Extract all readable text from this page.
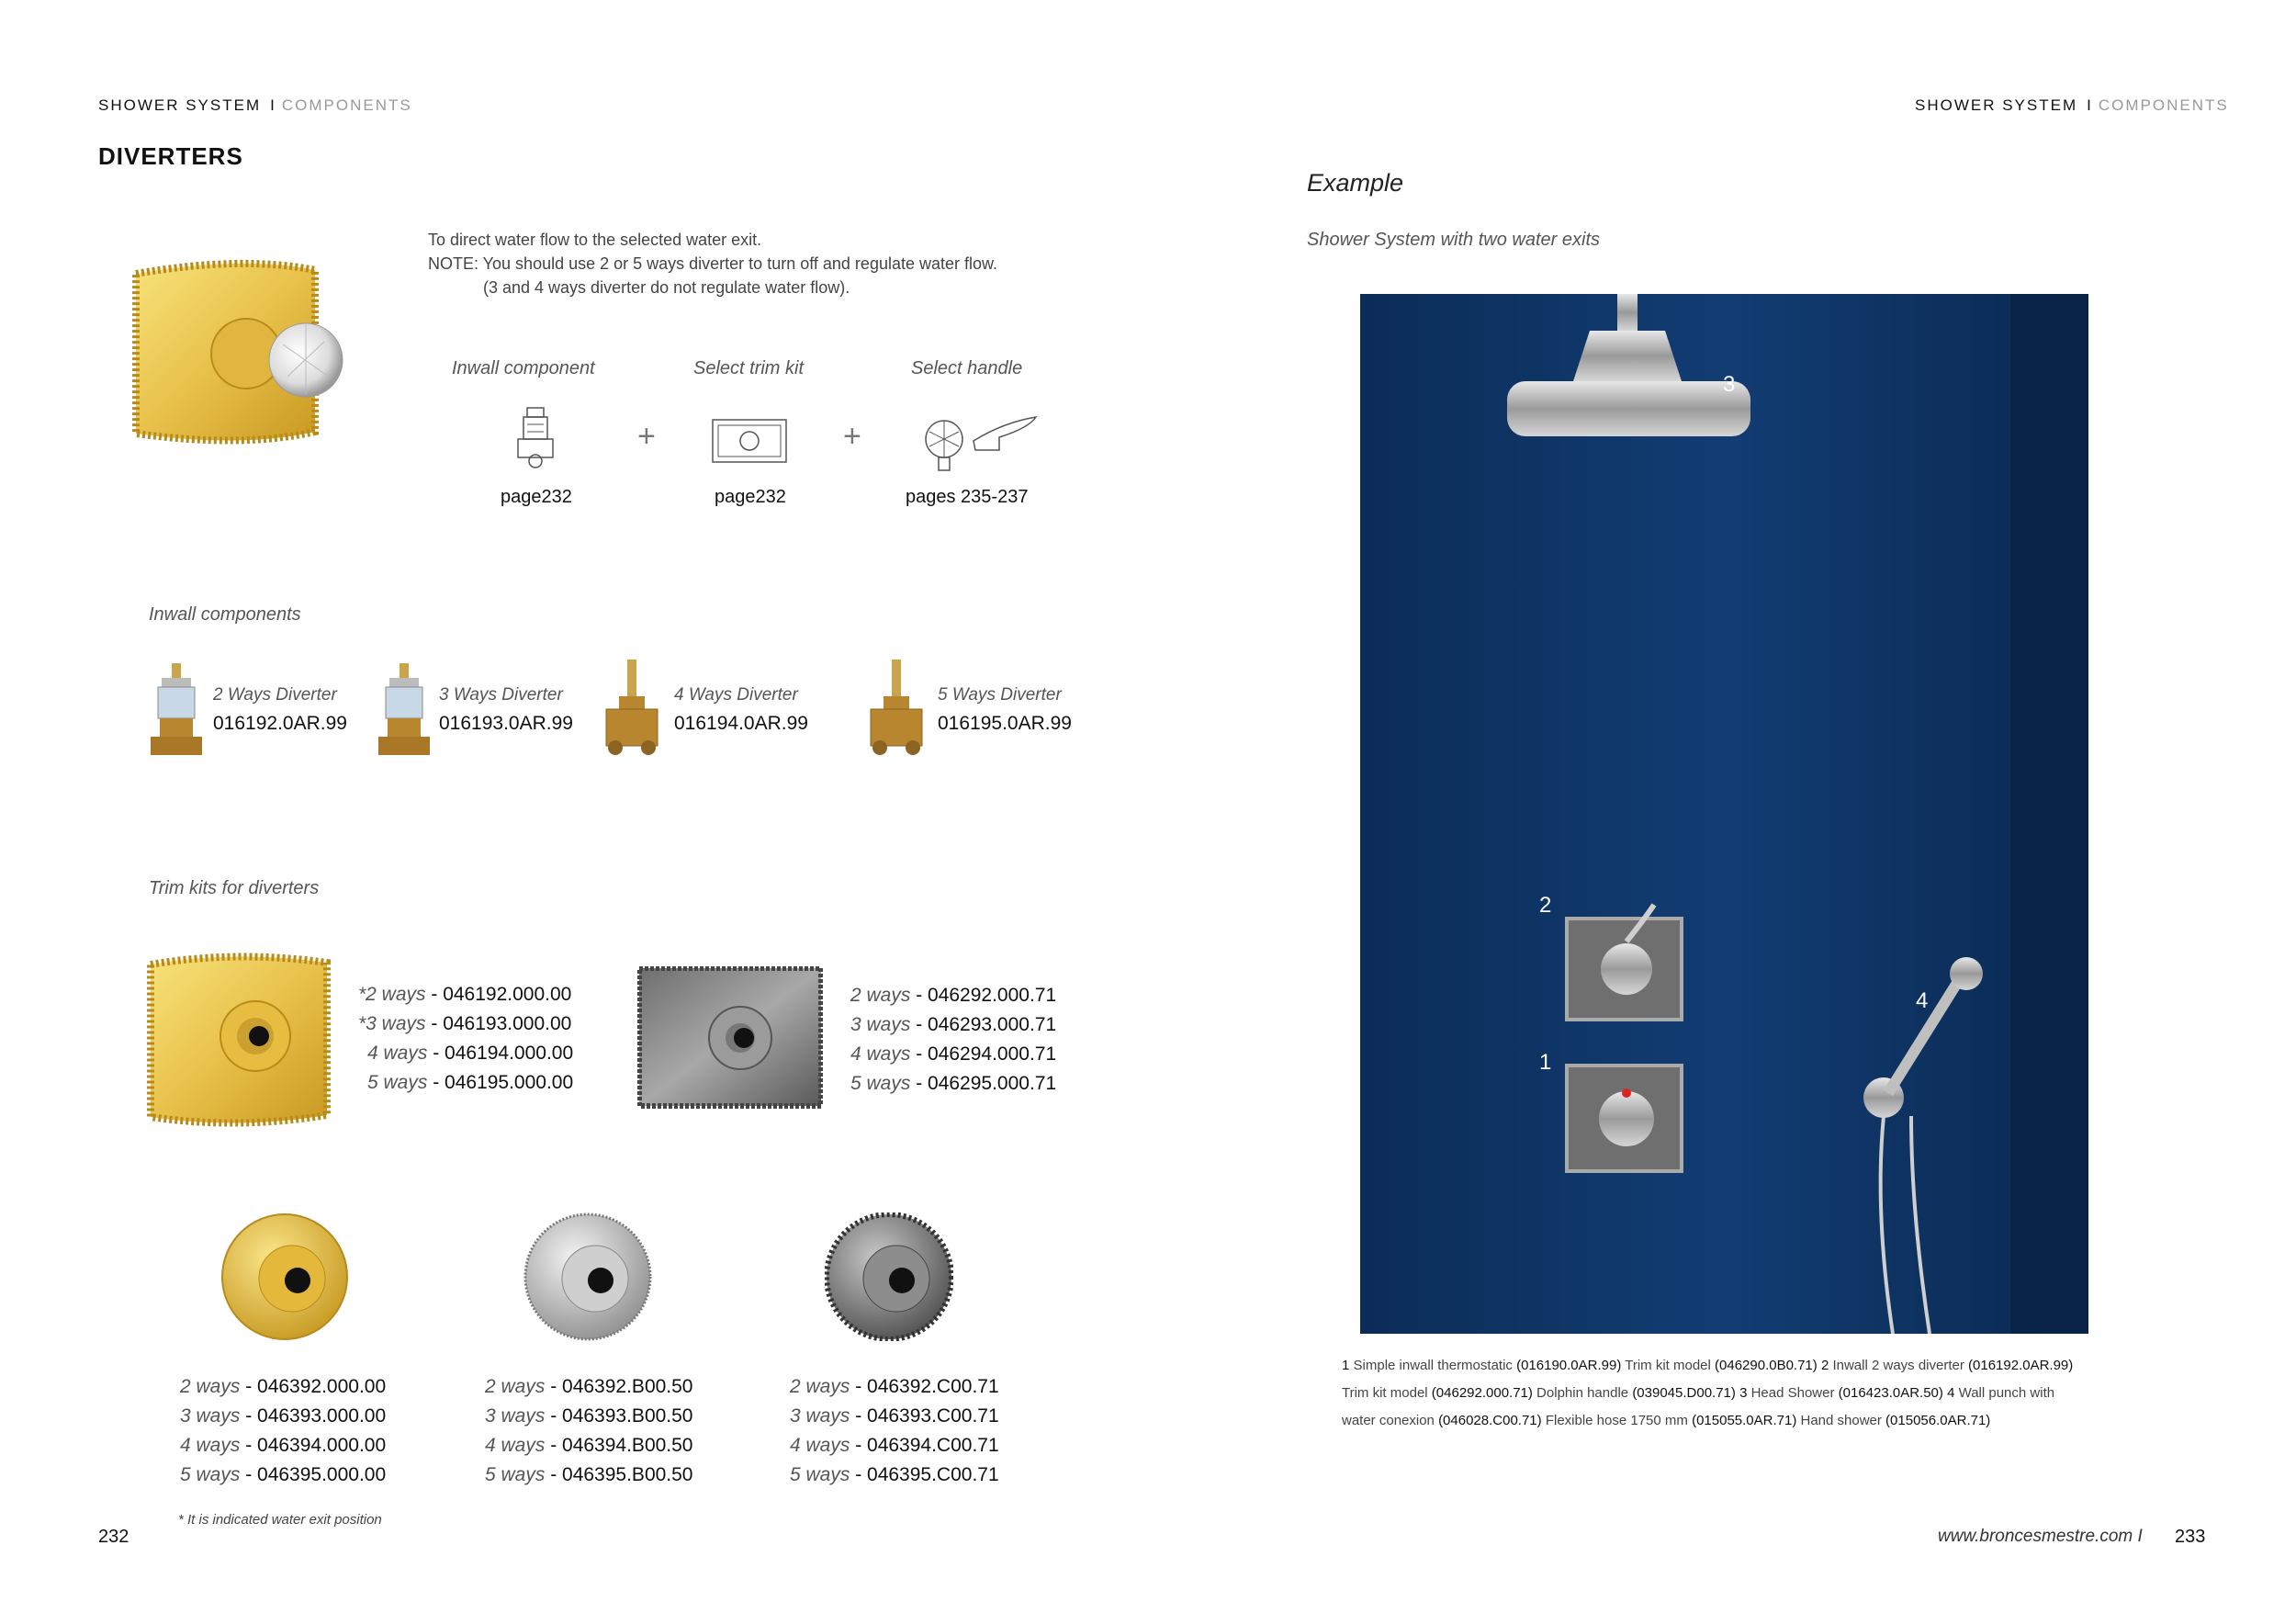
SHOWER SYSTEM I COMPONENTS
DIVERTERS
To direct water flow to the selected water exit.
NOTE: You should use 2 or 5 ways diverter to turn off and regulate water flow.
(3 and 4 ways diverter do not regulate water flow).
Inwall component	Select trim kit	Select handle
+	+
page232	page232	pages 235-237
Inwall components
2 Ways Diverter
016192.0AR.99
3 Ways Diverter
016193.0AR.99
4 Ways Diverter
016194.0AR.99
5 Ways Diverter
016195.0AR.99
Trim kits for diverters
*2 ways - 046192.000.00
*3 ways - 046193.000.00
4 ways - 046194.000.00
5 ways - 046195.000.00
2 ways - 046292.000.71
3 ways - 046293.000.71
4 ways - 046294.000.71
5 ways - 046295.000.71
2 ways - 046392.000.00
3 ways - 046393.000.00
4 ways - 046394.000.00
5 ways - 046395.000.00
2 ways - 046392.B00.50
3 ways - 046393.B00.50
4 ways - 046394.B00.50
5 ways - 046395.B00.50
2 ways - 046392.C00.71
3 ways - 046393.C00.71
4 ways - 046394.C00.71
5 ways - 046395.C00.71
* It is indicated water exit position
232
SHOWER SYSTEM I COMPONENTS
Example
Shower System with two water exits
3
2
4
1
1 Simple inwall thermostatic (016190.0AR.99) Trim kit model (046290.0B0.71) 2 Inwall 2 ways diverter (016192.0AR.99)
Trim kit model (046292.000.71) Dolphin handle (039045.D00.71) 3 Head Shower (016423.0AR.50) 4 Wall punch with
water conexion (046028.C00.71) Flexible hose 1750 mm (015055.0AR.71) Hand shower (015056.0AR.71)
www.broncesmestre.com I 233
